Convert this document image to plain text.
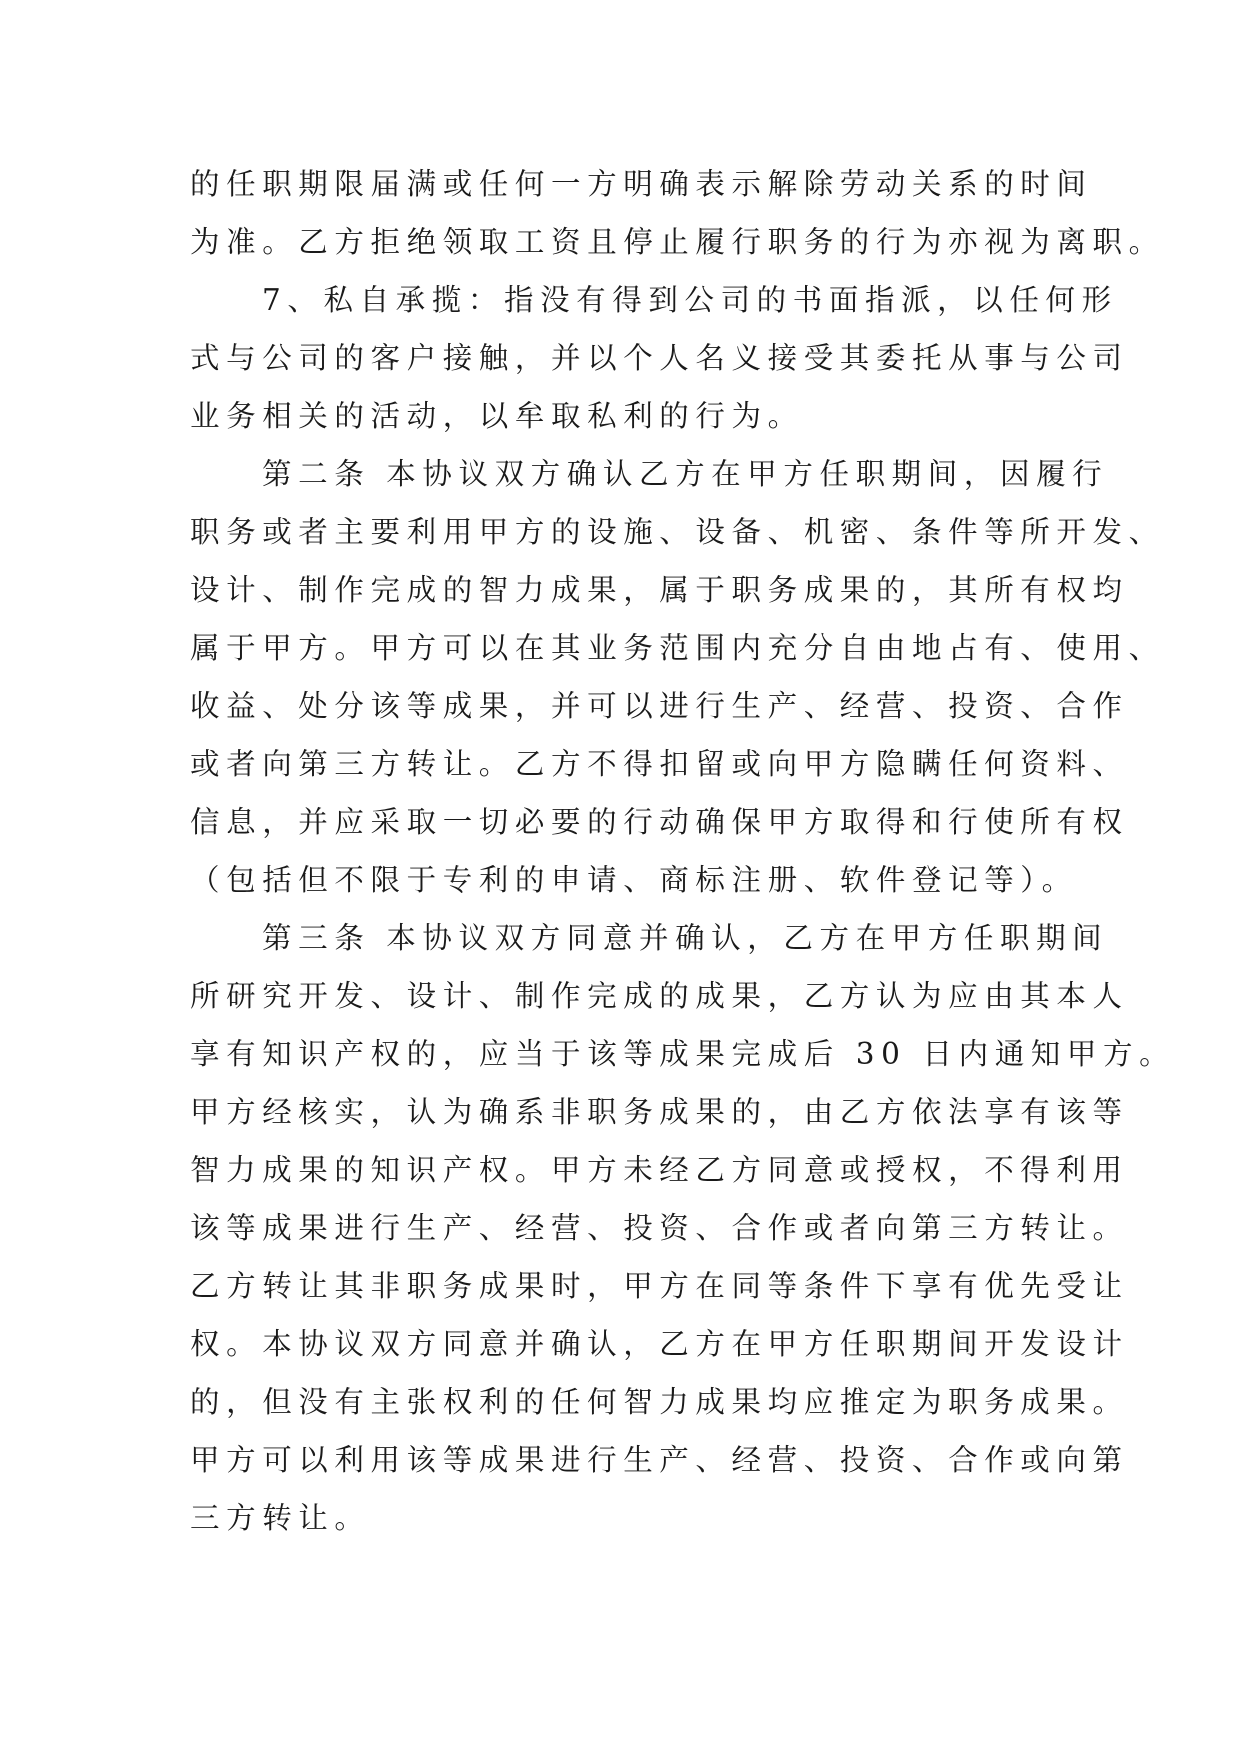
的任职期限届满或任何一方明确表示解除劳动关系的时间
为准。乙方拒绝领取工资且停止履行职务的行为亦视为离职。
7、私自承揽：指没有得到公司的书面指派，以任何形
式与公司的客户接触，并以个人名义接受其委托从事与公司
业务相关的活动，以牟取私利的行为。
第二条 本协议双方确认乙方在甲方任职期间，因履行
职务或者主要利用甲方的设施、设备、机密、条件等所开发、
设计、制作完成的智力成果，属于职务成果的，其所有权均
属于甲方。甲方可以在其业务范围内充分自由地占有、使用、
收益、处分该等成果，并可以进行生产、经营、投资、合作
或者向第三方转让。乙方不得扣留或向甲方隐瞒任何资料、
信息，并应采取一切必要的行动确保甲方取得和行使所有权
（包括但不限于专利的申请、商标注册、软件登记等）。
第三条 本协议双方同意并确认，乙方在甲方任职期间
所研究开发、设计、制作完成的成果，乙方认为应由其本人
享有知识产权的，应当于该等成果完成后 30 日内通知甲方。
甲方经核实，认为确系非职务成果的，由乙方依法享有该等
智力成果的知识产权。甲方未经乙方同意或授权，不得利用
该等成果进行生产、经营、投资、合作或者向第三方转让。
乙方转让其非职务成果时，甲方在同等条件下享有优先受让
权。本协议双方同意并确认，乙方在甲方任职期间开发设计
的，但没有主张权利的任何智力成果均应推定为职务成果。
甲方可以利用该等成果进行生产、经营、投资、合作或向第
三方转让。
